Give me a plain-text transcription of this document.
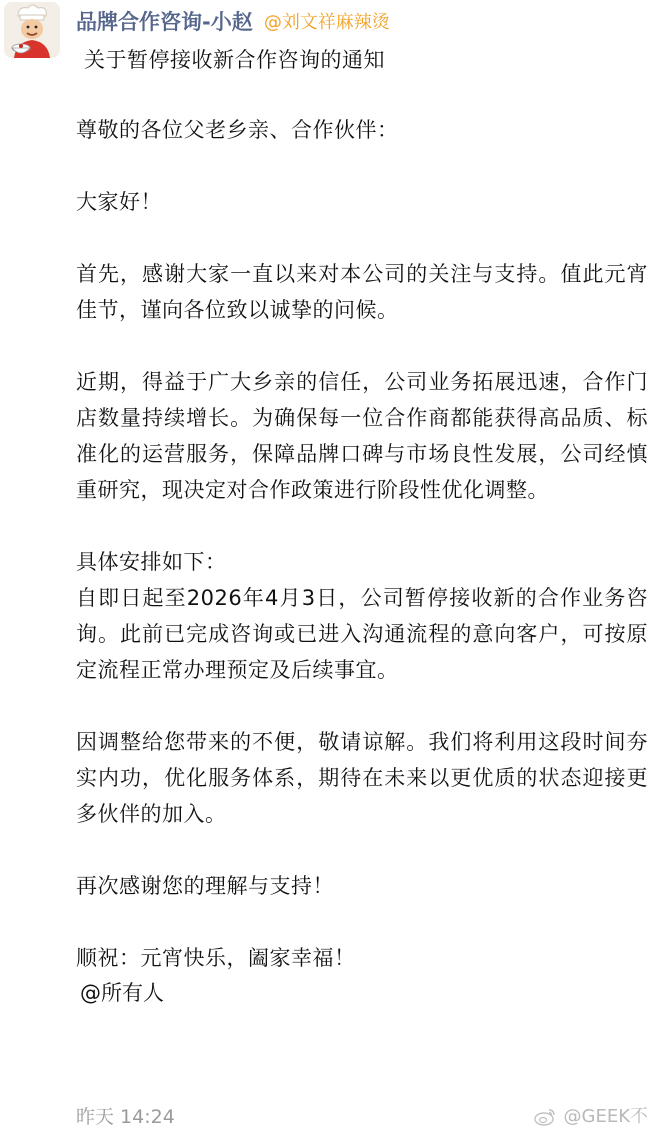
品牌合作咨询-小赵 @刘文祥麻辣烫

关于暂停接收新合作咨询的通知

尊敬的各位父老乡亲、合作伙伴：

大家好！

首先，感谢大家一直以来对本公司的关注与支持。值此元宵佳节，谨向各位致以诚挚的问候。

近期，得益于广大乡亲的信任，公司业务拓展迅速，合作门店数量持续增长。为确保每一位合作商都能获得高品质、标准化的运营服务，保障品牌口碑与市场良性发展，公司经慎重研究，现决定对合作政策进行阶段性优化调整。

具体安排如下：

自即日起至2026年4月3日，公司暂停接收新的合作业务咨询。此前已完成咨询或已进入沟通流程的意向客户，可按原定流程正常办理预定及后续事宜。

因调整给您带来的不便，敬请谅解。我们将利用这段时间夯实内功，优化服务体系，期待在未来以更优质的状态迎接更多伙伴的加入。

再次感谢您的理解与支持！

顺祝：元宵快乐，阖家幸福！

@所有人

昨天 14:24	@GEEK不
